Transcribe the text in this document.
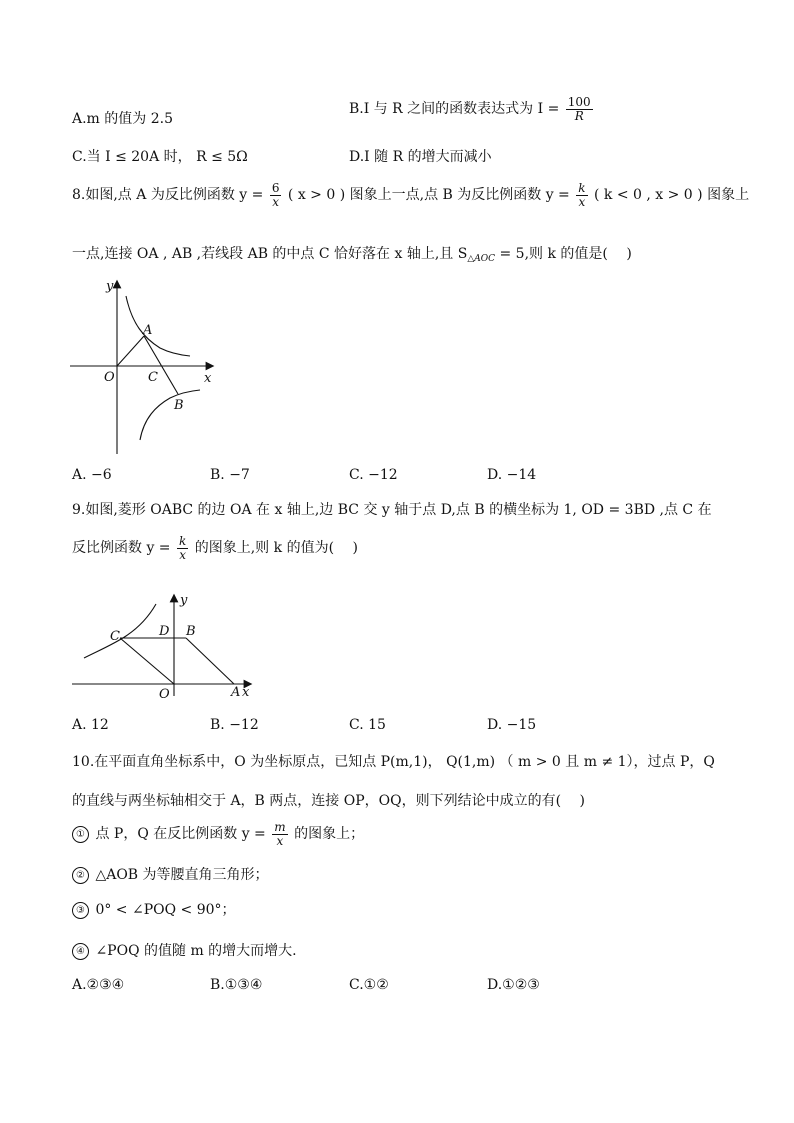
A.m 的值为 2.5
B.I 与 R 之间的函数表达式为 $I = \frac{100}{R}$
C.当 I ≤ 20A 时， R ≤ 5Ω	D.I 随 R 的增大而减小
8.如图,点 A 为反比例函数 $y = \frac{6}{x}$ ( x > 0 ) 图象上一点,点 B 为反比例函数 $y = \frac{k}{x}$ ( k < 0 , x > 0 ) 图象上
一点,连接 OA , AB ,若线段 AB 的中点 C 恰好落在 x 轴上,且 $S_{\triangle AOC} = 5$,则 k 的值是(　 )
y
x
O
A
C
B
A. −6	B. −7	C. −12	D. −14
9.如图,菱形 OABC 的边 OA 在 x 轴上,边 BC 交 y 轴于点 D,点 B 的横坐标为 1, OD = 3BD ,点 C 在
反比例函数 $y = \frac{k}{x}$ 的图象上,则 k 的值为(　 )
y
x
O	A
B
C	D
A. 12	B. −12	C. 15	D. −15
10.在平面直角坐标系中，O 为坐标原点，已知点 P(m,1)， Q(1,m) （ m > 0 且 m ≠ 1），过点 P，Q
的直线与两坐标轴相交于 A，B 两点，连接 OP，OQ，则下列结论中成立的有(　 )
① 点 P，Q 在反比例函数 $y = \frac{m}{x}$ 的图象上；
② △AOB 为等腰直角三角形；
③ 0° < ∠POQ < 90°；
④ ∠POQ 的值随 m 的增大而增大.
A.②③④	B.①③④	C.①②	D.①②③
